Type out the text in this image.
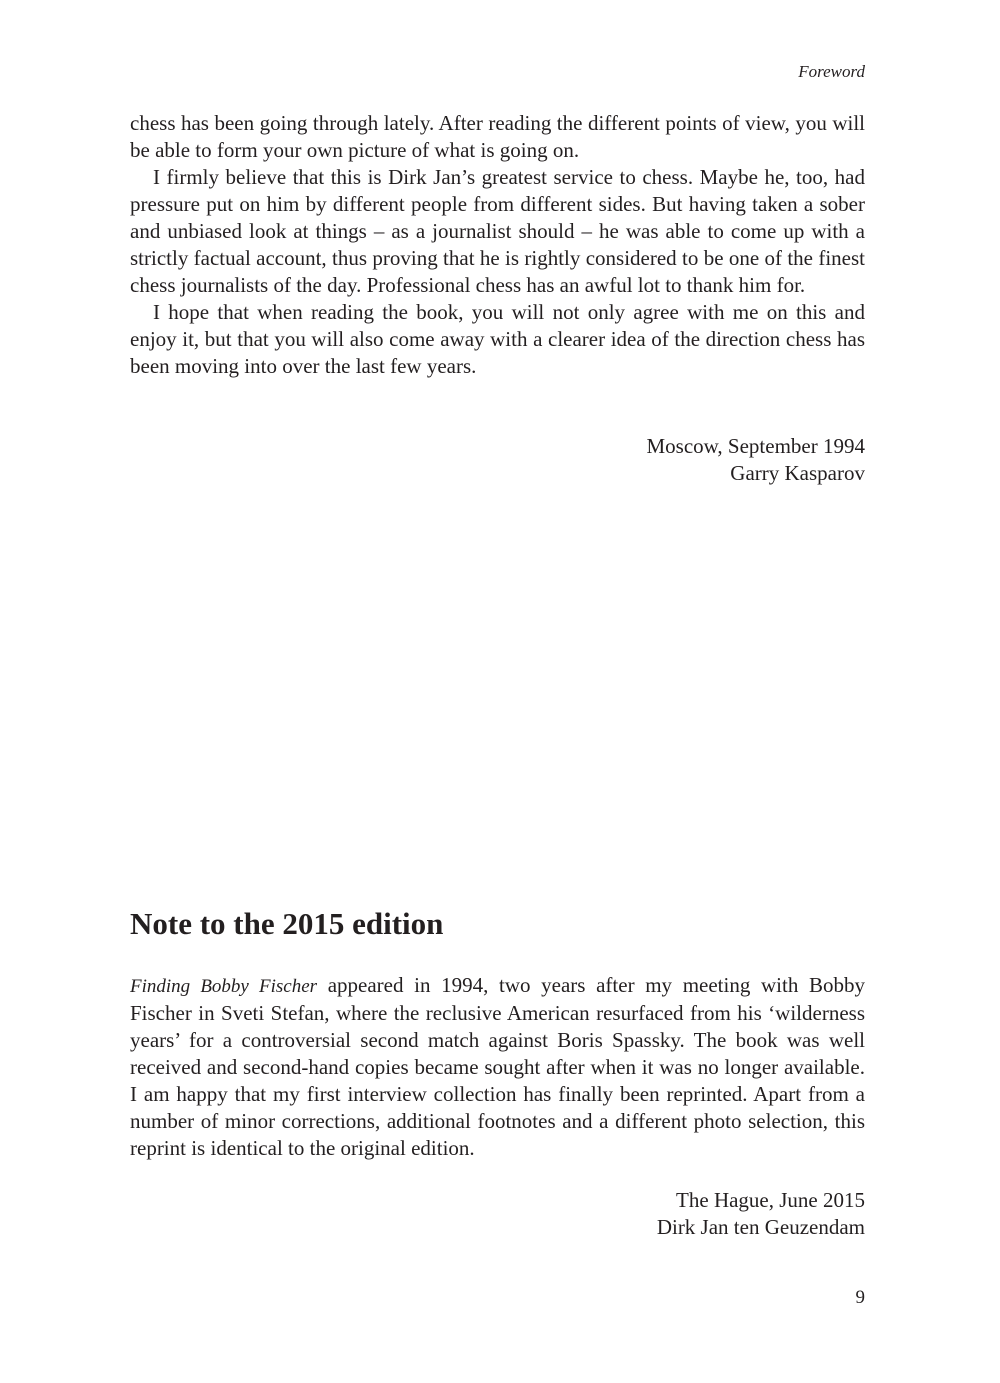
Foreword

chess has been going through lately. After reading the different points of view, you will be able to form your own picture of what is going on.

I firmly believe that this is Dirk Jan’s greatest service to chess. Maybe he, too, had pressure put on him by different people from different sides. But having taken a sober and unbiased look at things – as a journalist should – he was able to come up with a strictly factual account, thus proving that he is rightly considered to be one of the finest chess journalists of the day. Professional chess has an awful lot to thank him for.

I hope that when reading the book, you will not only agree with me on this and enjoy it, but that you will also come away with a clearer idea of the direction chess has been moving into over the last few years.

Moscow, September 1994
Garry Kasparov
Note to the 2015 edition

Finding Bobby Fischer appeared in 1994, two years after my meeting with Bobby Fischer in Sveti Stefan, where the reclusive American resurfaced from his ‘wilderness years’ for a controversial second match against Boris Spassky. The book was well received and second-hand copies became sought after when it was no longer available. I am happy that my first interview collection has finally been reprinted. Apart from a number of minor corrections, additional footnotes and a different photo selection, this reprint is identical to the original edition.

The Hague, June 2015
Dirk Jan ten Geuzendam
9
